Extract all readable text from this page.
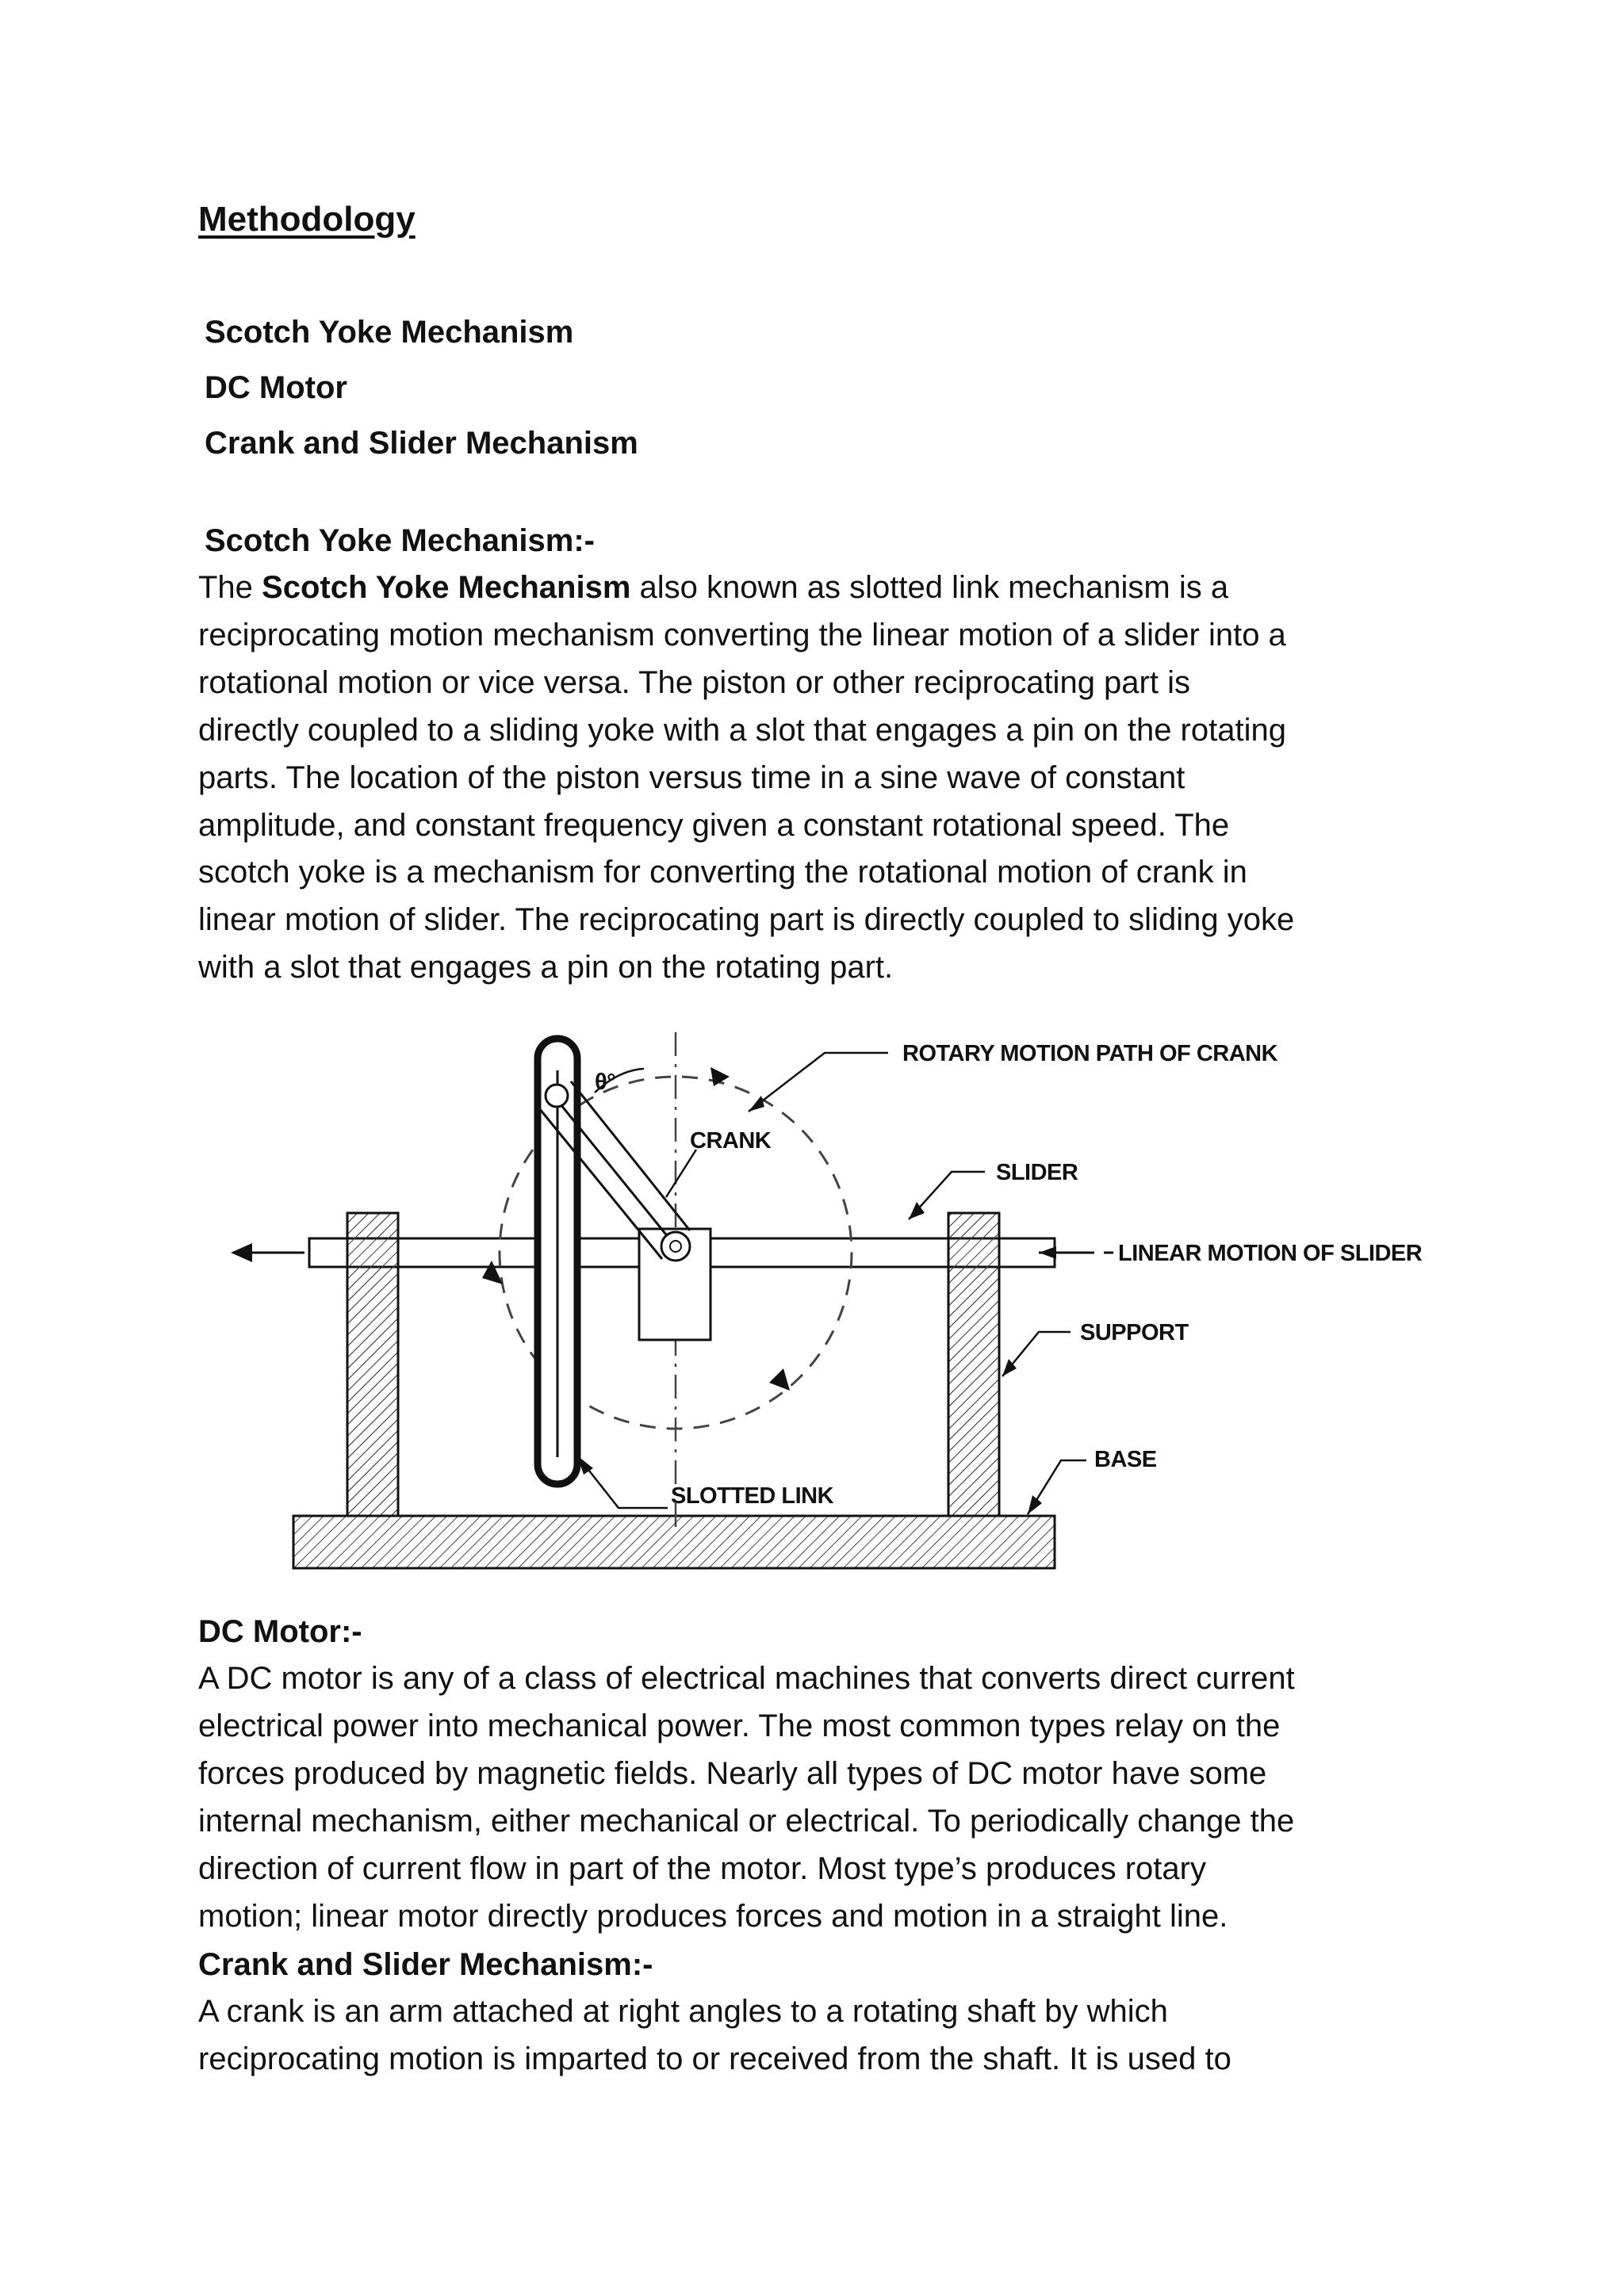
Methodology
Scotch Yoke Mechanism
DC Motor
Crank and Slider Mechanism

Scotch Yoke Mechanism:-

The Scotch Yoke Mechanism also known as slotted link mechanism is a
reciprocating motion mechanism converting the linear motion of a slider into a
rotational motion or vice versa. The piston or other reciprocating part is
directly coupled to a sliding yoke with a slot that engages a pin on the rotating
parts. The location of the piston versus time in a sine wave of constant
amplitude, and constant frequency given a constant rotational speed. The
scotch yoke is a mechanism for converting the rotational motion of crank in
linear motion of slider. The reciprocating part is directly coupled to sliding yoke
with a slot that engages a pin on the rotating part.

θ°
ROTARY MOTION PATH OF CRANK
CRANK
SLIDER
LINEAR MOTION OF SLIDER
SUPPORT
BASE
SLOTTED LINK

DC Motor:-

A DC motor is any of a class of electrical machines that converts direct current
electrical power into mechanical power. The most common types relay on the
forces produced by magnetic fields. Nearly all types of DC motor have some
internal mechanism, either mechanical or electrical. To periodically change the
direction of current flow in part of the motor. Most type’s produces rotary
motion; linear motor directly produces forces and motion in a straight line.

Crank and Slider Mechanism:-

A crank is an arm attached at right angles to a rotating shaft by which
reciprocating motion is imparted to or received from the shaft. It is used to
